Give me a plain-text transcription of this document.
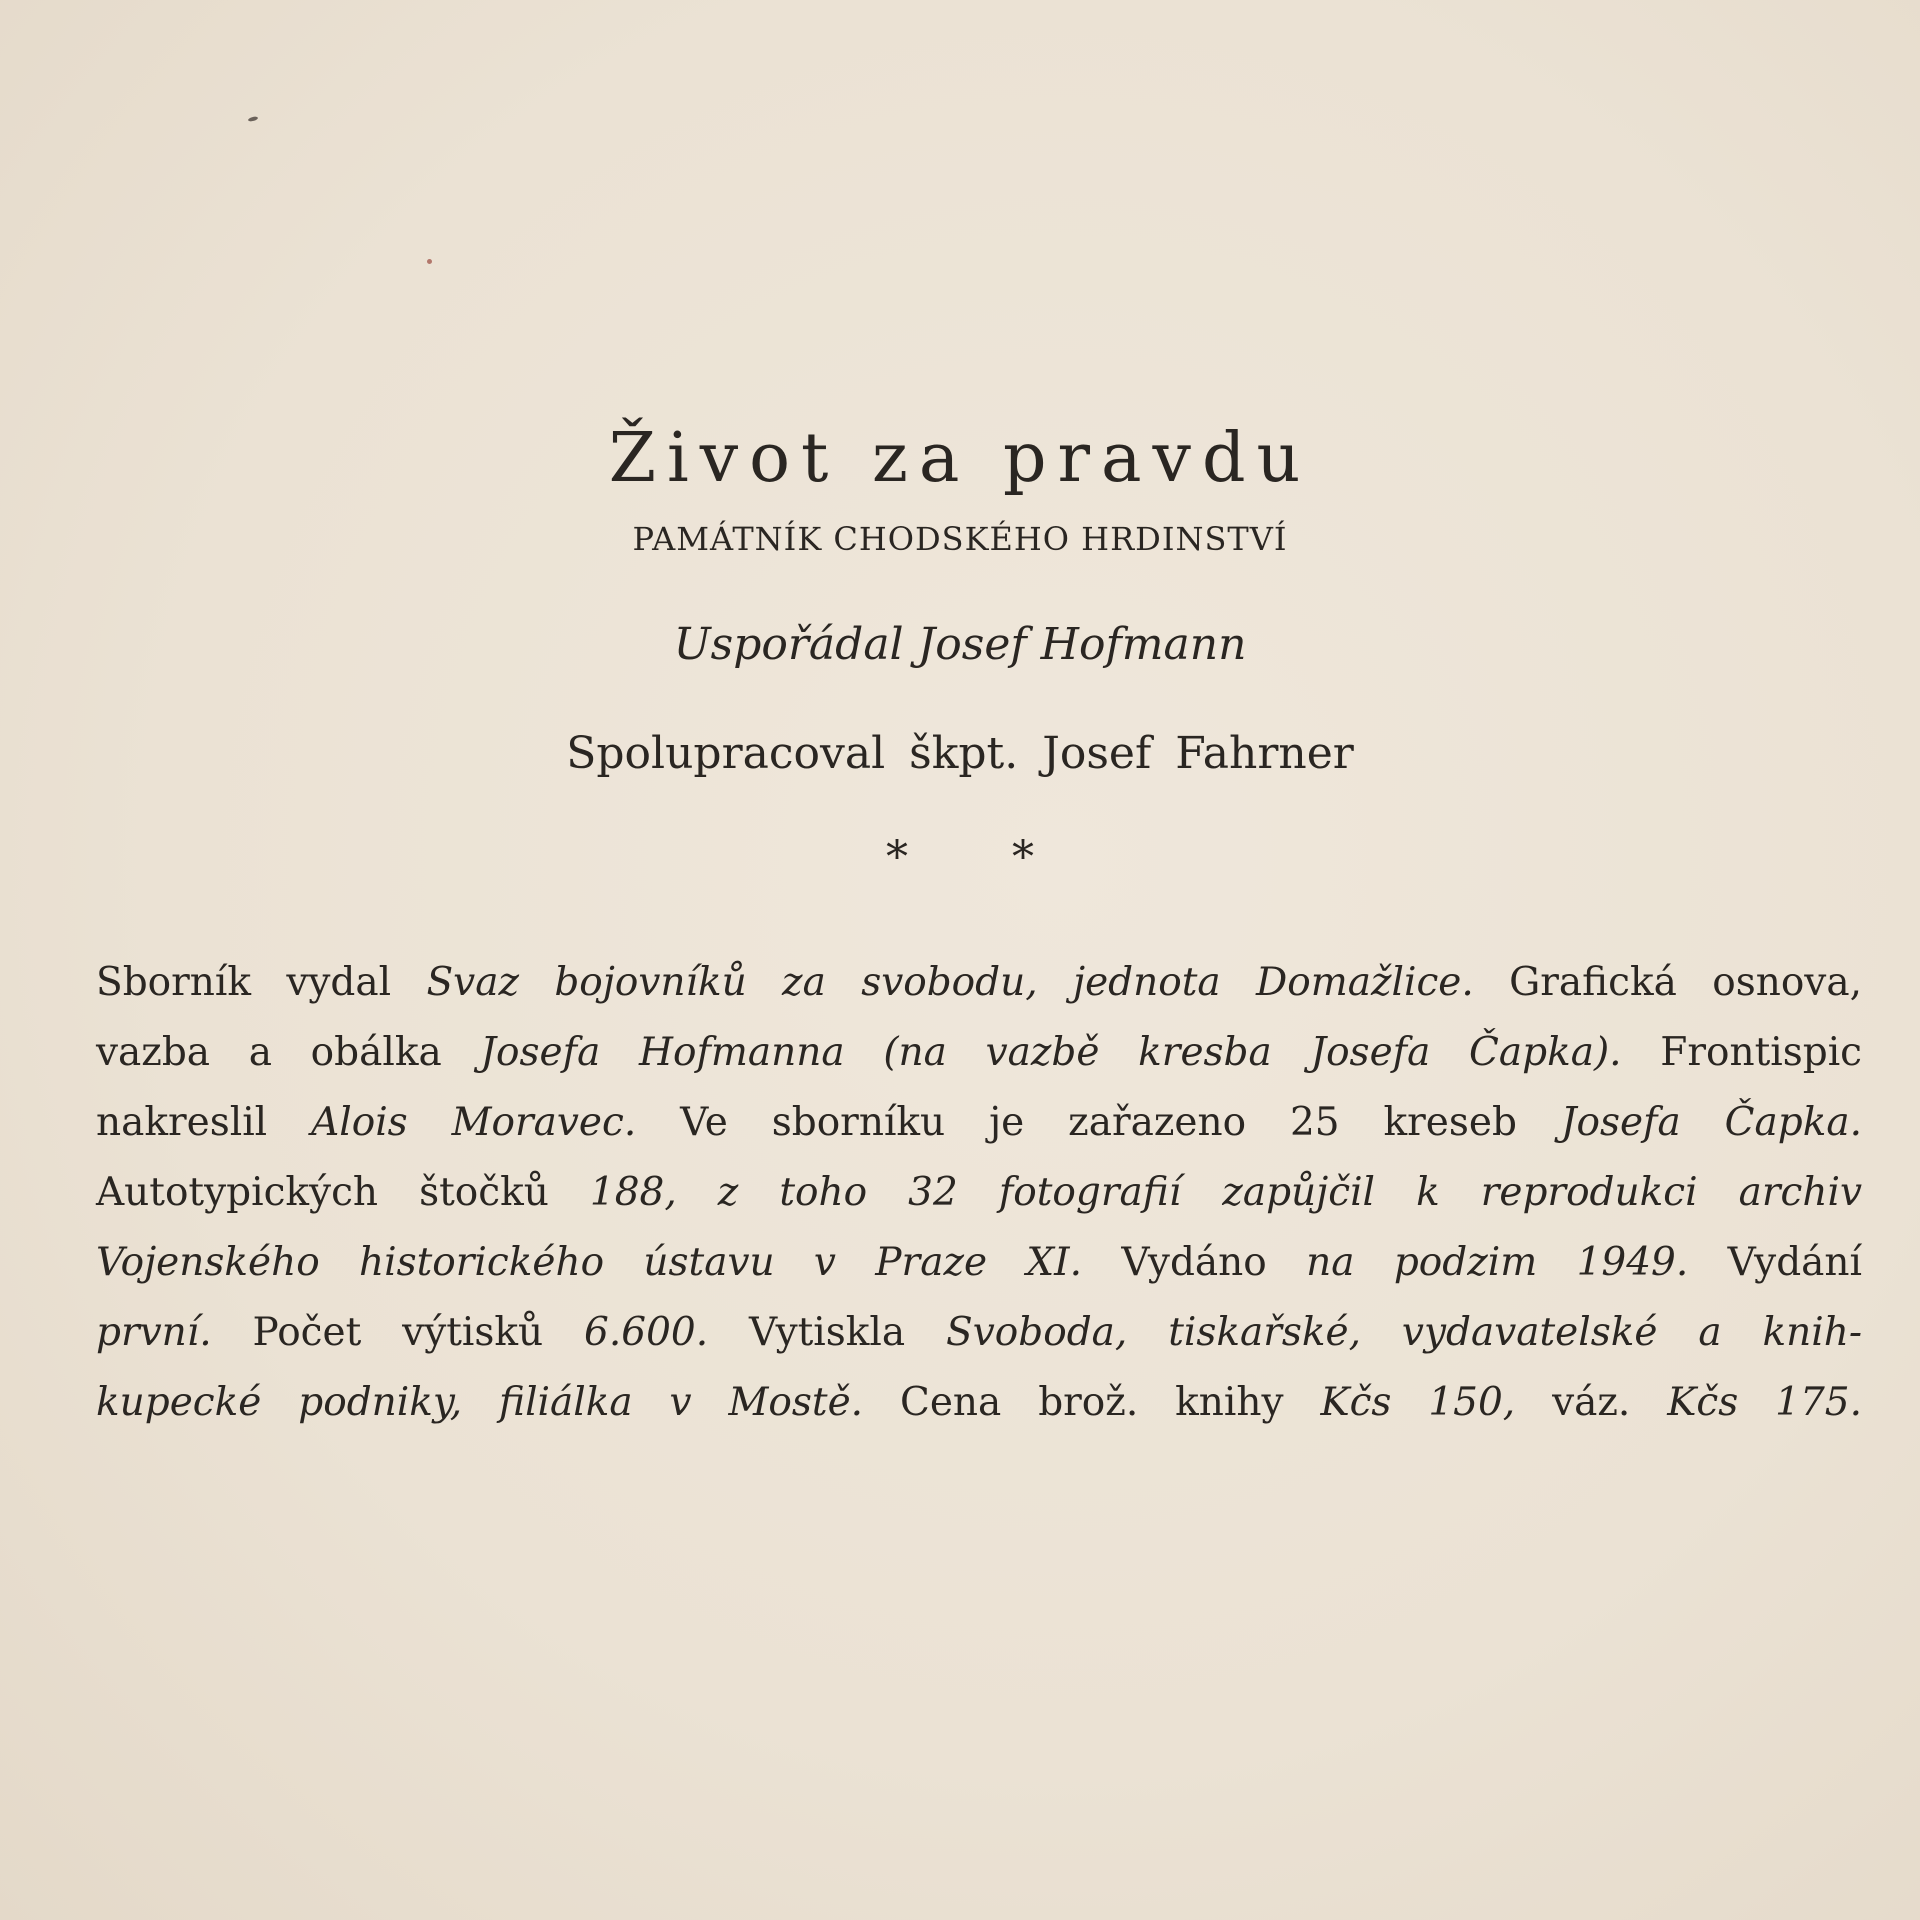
Život za pravdu
PAMÁTNÍK CHODSKÉHO HRDINSTVÍ
Uspořádal Josef Hofmann
Spolupracoval škpt. Josef Fahrner
* *
Sborník vydal Svaz bojovníků za svobodu, jednota Domažlice. Grafická osnova,
vazba a obálka Josefa Hofmanna (na vazbě kresba Josefa Čapka). Frontispic
nakreslil Alois Moravec. Ve sborníku je zařazeno 25 kreseb Josefa Čapka.
Autotypických štočků 188, z toho 32 fotografií zapůjčil k reprodukci archiv
Vojenského historického ústavu v Praze XI. Vydáno na podzim 1949. Vydání
první. Počet výtisků 6.600. Vytiskla Svoboda, tiskařské, vydavatelské a knih-
kupecké podniky, filiálka v Mostě. Cena brož. knihy Kčs 150, váz. Kčs 175.
